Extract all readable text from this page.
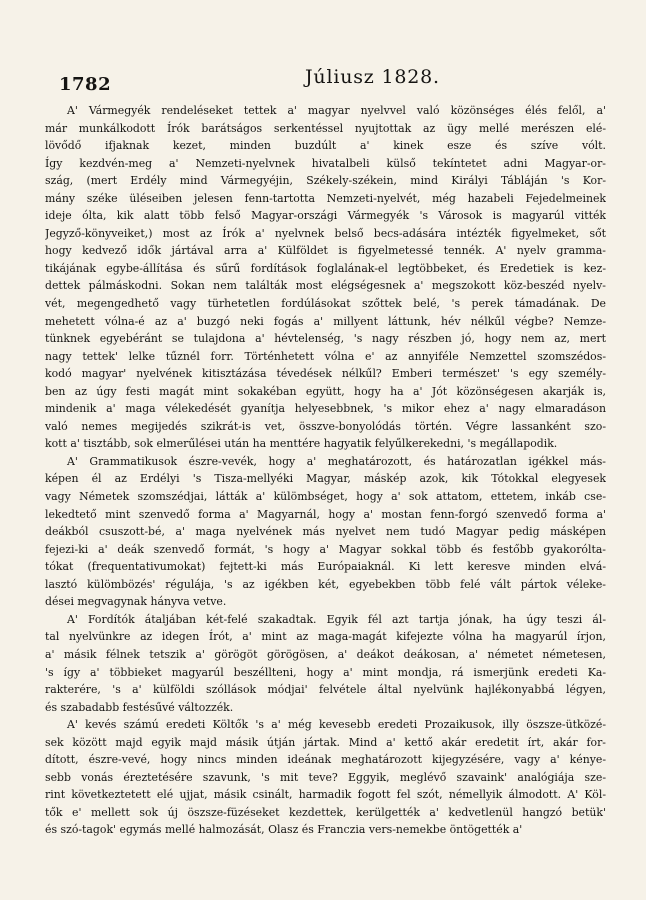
1782	Júliusz 1828.
A' Vármegyék rendeléseket tettek a' magyar nyelvvel való közönséges élés felől, a'
már munkálkodott Írók barátságos serkentéssel nyujtottak az ügy mellé merészen elé-
lövődő ifjaknak kezet, minden buzdúlt a' kinek esze és szíve vólt.
Így kezdvén-meg a' Nemzeti-nyelvnek hivatalbeli külső tekíntetet adni Magyar-or-
szág, (mert Erdély mind Vármegyéjin, Székely-székein, mind Királyi Tábláján 's Kor-
mány széke üléseiben jelesen fenn-tartotta Nemzeti-nyelvét, még hazabeli Fejedelmeinek
ideje ólta, kik alatt több felső Magyar-országi Vármegyék 's Városok is magyarúl vitték
Jegyző-könyveiket,) most az Írók a' nyelvnek belső becs-adására intézték figyelmeket, sőt
hogy kedvező idők jártával arra a' Külföldet is figyelmetessé tennék. A' nyelv gramma-
tikájának egybe-állítása és sűrű fordítások foglalának-el legtöbbeket, és Eredetiek is kez-
dettek pálmáskodni. Sokan nem találták most elégségesnek a' megszokott köz-beszéd nyelv-
vét, megengedhető vagy türhetetlen fordúlásokat szőttek belé, 's perek támadának. De
mehetett vólna-é az a' buzgó neki fogás a' millyent láttunk, hév nélkűl végbe? Nemze-
tünknek egyebéránt se tulajdona a' hévtelenség, 's nagy részben jó, hogy nem az, mert
nagy tettek' lelke tűznél forr. Történhetett vólna e' az annyiféle Nemzettel szomszédos-
kodó magyar' nyelvének kitisztázása tévedések nélkűl? Emberi természet' 's egy személy-
ben az úgy festi magát mint sokakéban együtt, hogy ha a' Jót közönségesen akarják is,
mindenik a' maga vélekedését gyanítja helyesebbnek, 's mikor ehez a' nagy elmaradáson
való nemes megijedés szikrát-is vet, összve-bonyolódás történ. Végre lassanként szo-
kott a' tisztább, sok elmerűlései után ha menttére hagyatik felyűlkerekedni, 's megállapodik.
A' Grammatikusok észre-vevék, hogy a' meghatározott, és határozatlan igékkel más-
képen él az Erdélyi 's Tisza-mellyéki Magyar, máskép azok, kik Tótokkal elegyesek
vagy Németek szomszédjai, látták a' külömbséget, hogy a' sok attatom, ettetem, inkáb cse-
lekedtető mint szenvedő forma a' Magyarnál, hogy a' mostan fenn-forgó szenvedő forma a'
deákból csuszott-bé, a' maga nyelvének más nyelvet nem tudó Magyar pedig másképen
fejezi-ki a' deák szenvedő formát, 's hogy a' Magyar sokkal több és festőbb gyakorólta-
tókat (frequentativumokat) fejtett-ki más Európaiaknál. Ki lett keresve minden elvá-
lasztó külömbözés' régulája, 's az igékben két, egyebekben több felé vált pártok véleke-
dései megvagynak hányva vetve.
A' Fordítók átaljában két-felé szakadtak. Egyik fél azt tartja jónak, ha úgy teszi ál-
tal nyelvünkre az idegen Írót, a' mint az maga-magát kifejezte vólna ha magyarúl írjon,
a' másik félnek tetszik a' görögöt görögösen, a' deákot deákosan, a' németet németesen,
's így a' többieket magyarúl beszéllteni, hogy a' mint mondja, rá ismerjünk eredeti Ka-
rakterére, 's a' külföldi szóllások módjai' felvétele által nyelvünk hajlékonyabbá légyen,
és szabadabb festésűvé változzék.
A' kevés számú eredeti Költők 's a' még kevesebb eredeti Prozaikusok, illy öszsze-ütközé-
sek között majd egyik majd másik útján jártak. Mind a' kettő akár eredetit írt, akár for-
dított, észre-vevé, hogy nincs minden ideának meghatározott kijegyzésére, vagy a' kénye-
sebb vonás éreztetésére szavunk, 's mit teve? Eggyik, meglévő szavaink' analógiája sze-
rint következtetett elé ujjat, másik csinált, harmadik fogott fel szót, némellyik álmodott. A' Köl-
tők e' mellett sok új öszsze-füzéseket kezdettek, kerülgették a' kedvetlenül hangzó betük'
és szó-tagok' egymás mellé halmozását, Olasz és Franczia vers-nemekbe öntögették a'
